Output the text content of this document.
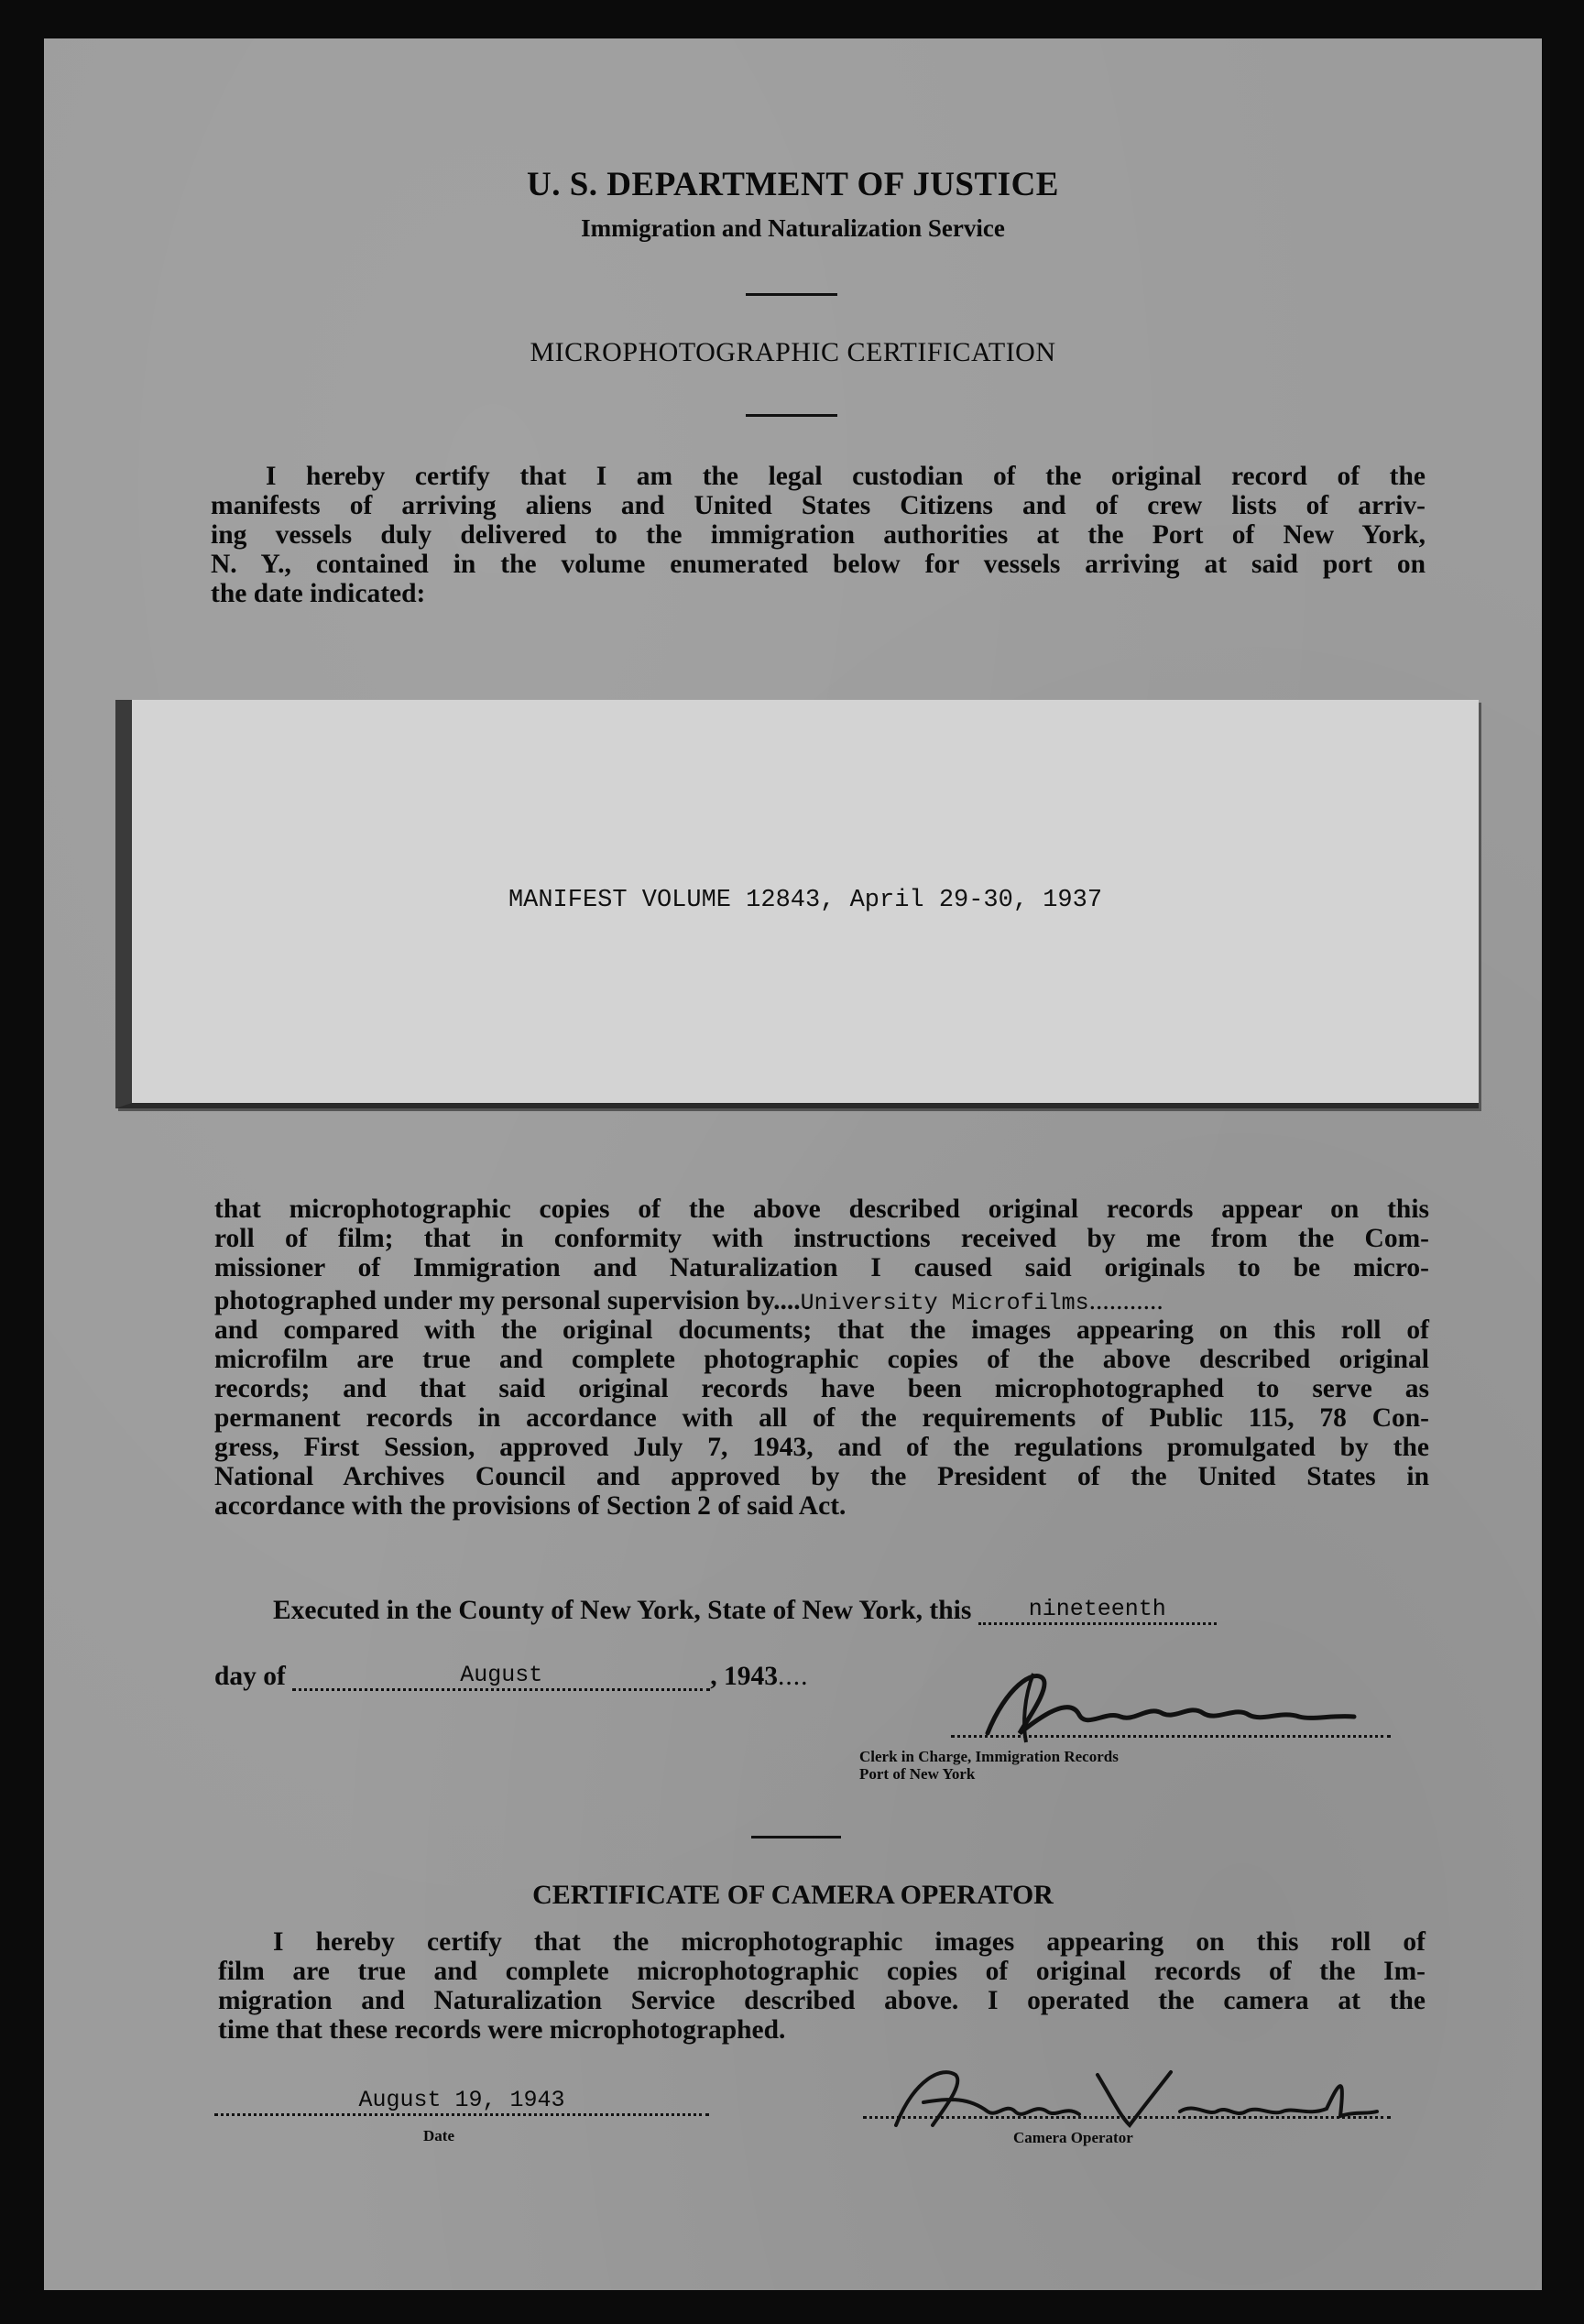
U. S. DEPARTMENT OF JUSTICE
Immigration and Naturalization Service
MICROPHOTOGRAPHIC CERTIFICATION
I hereby certify that I am the legal custodian of the original record of the
manifests of arriving aliens and United States Citizens and of crew lists of arriv-
ing vessels duly delivered to the immigration authorities at the Port of New York,
N. Y., contained in the volume enumerated below for vessels arriving at said port on
the date indicated:
MANIFEST VOLUME 12843, April 29-30, 1937
that microphotographic copies of the above described original records appear on this
roll of film; that in conformity with instructions received by me from the Com-
missioner of Immigration and Naturalization I caused said originals to be micro-
photographed under my personal supervision by....University Microfilms...........
and compared with the original documents; that the images appearing on this roll of
microfilm are true and complete photographic copies of the above described original
records; and that said original records have been microphotographed to serve as
permanent records in accordance with all of the requirements of Public 115, 78 Con-
gress, First Session, approved July 7, 1943, and of the regulations promulgated by the
National Archives Council and approved by the President of the United States in
accordance with the provisions of Section 2 of said Act.
Executed in the County of New York, State of New York, this nineteenth
day of	August	, 1943....
Clerk in Charge, Immigration Records
Port of New York
CERTIFICATE OF CAMERA OPERATOR
I hereby certify that the microphotographic images appearing on this roll of
film are true and complete microphotographic copies of original records of the Im-
migration and Naturalization Service described above. I operated the camera at the
time that these records were microphotographed.
August 19, 1943
Date	Camera Operator
